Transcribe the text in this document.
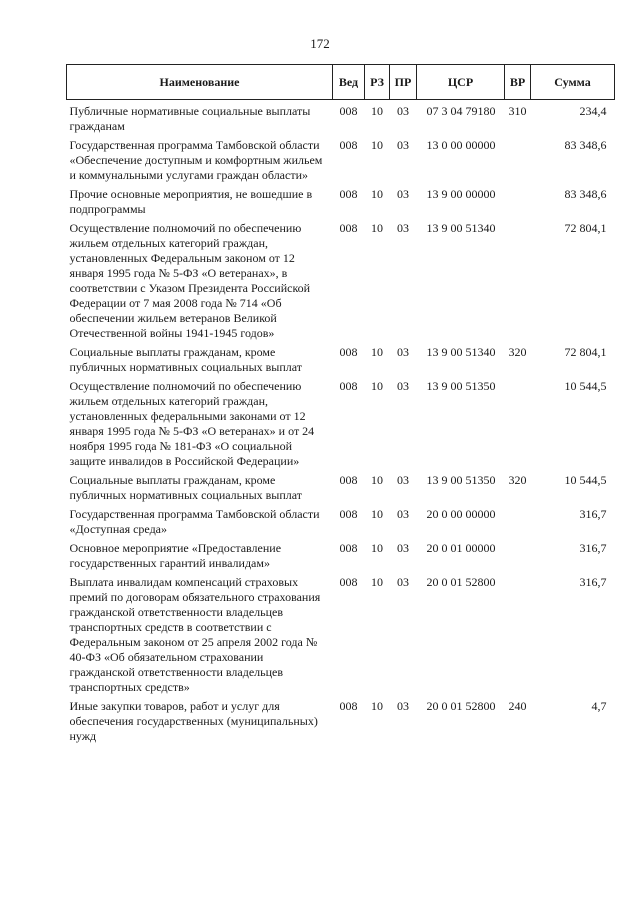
172
Наименование	Вед	РЗ	ПР	ЦСР	ВР	Сумма
Публичные нормативные социальные выплаты гражданам	008	10	03	07 3 04 79180	310	234,4
Государственная программа Тамбовской области «Обеспечение доступным и комфортным жильем и коммунальными услугами граждан области»	008	10	03	13 0 00 00000		83 348,6
Прочие основные мероприятия, не вошедшие в подпрограммы	008	10	03	13 9 00 00000		83 348,6
Осуществление полномочий по обеспечению жильем отдельных категорий граждан, установленных Федеральным законом от 12 января 1995 года № 5-ФЗ «О ветеранах», в соответствии с Указом Президента Российской Федерации от 7 мая 2008 года № 714 «Об обеспечении жильем ветеранов Великой Отечественной войны 1941-1945 годов»	008	10	03	13 9 00 51340		72 804,1
Социальные выплаты гражданам, кроме публичных нормативных социальных выплат	008	10	03	13 9 00 51340	320	72 804,1
Осуществление полномочий по обеспечению жильем отдельных категорий граждан, установленных федеральными законами от 12 января 1995 года № 5-ФЗ «О ветеранах» и от 24 ноября 1995 года № 181-ФЗ «О социальной защите инвалидов в Российской Федерации»	008	10	03	13 9 00 51350		10 544,5
Социальные выплаты гражданам, кроме публичных нормативных социальных выплат	008	10	03	13 9 00 51350	320	10 544,5
Государственная программа Тамбовской области «Доступная среда»	008	10	03	20 0 00 00000		316,7
Основное мероприятие «Предоставление государственных гарантий инвалидам»	008	10	03	20 0 01 00000		316,7
Выплата инвалидам компенсаций страховых премий по договорам обязательного страхования гражданской ответственности владельцев транспортных средств в соответствии с Федеральным законом от 25 апреля 2002 года № 40-ФЗ «Об обязательном страховании гражданской ответственности владельцев транспортных средств»	008	10	03	20 0 01 52800		316,7
Иные закупки товаров, работ и услуг для обеспечения государственных (муниципальных) нужд	008	10	03	20 0 01 52800	240	4,7
